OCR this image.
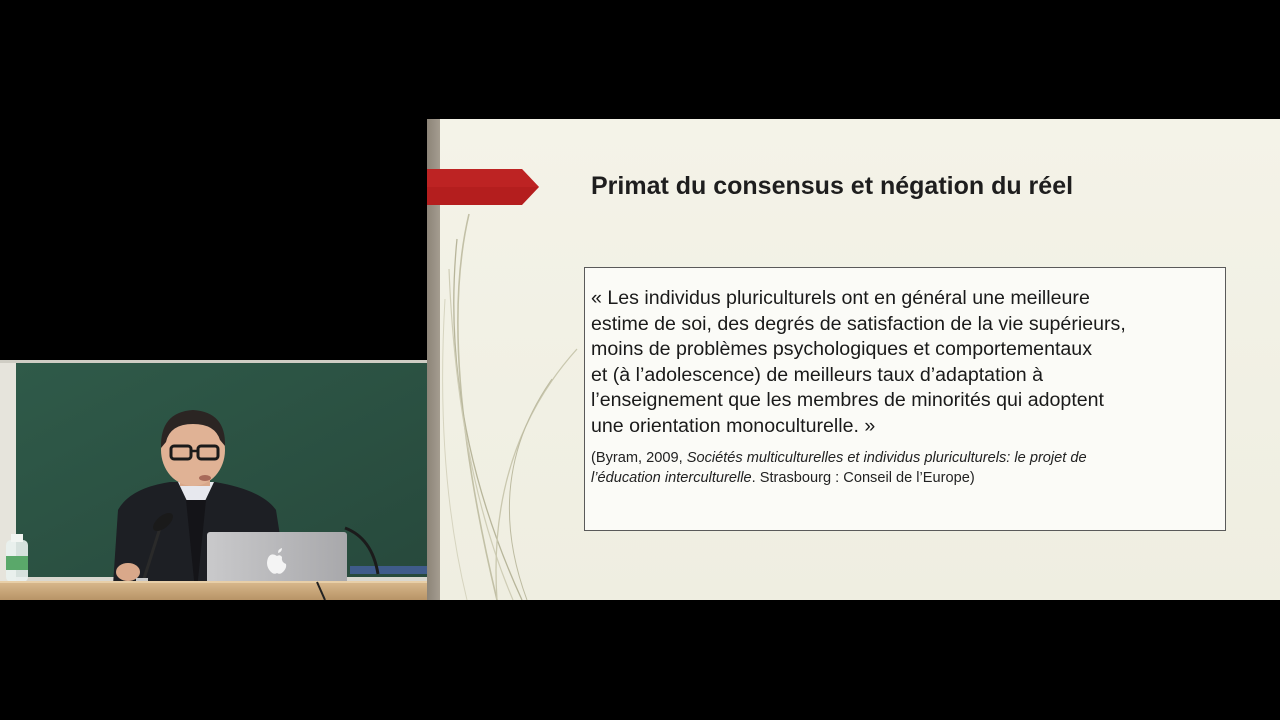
Primat du consensus et négation du réel

« Les individus pluriculturels ont en général une meilleure
estime de soi, des degrés de satisfaction de la vie supérieurs,
moins de problèmes psychologiques et comportementaux
et (à l’adolescence) de meilleurs taux d’adaptation à
l’enseignement que les membres de minorités qui adoptent
une orientation monoculturelle. »

(Byram, 2009, Sociétés multiculturelles et individus pluriculturels: le projet de
l’éducation interculturelle. Strasbourg : Conseil de l’Europe)
